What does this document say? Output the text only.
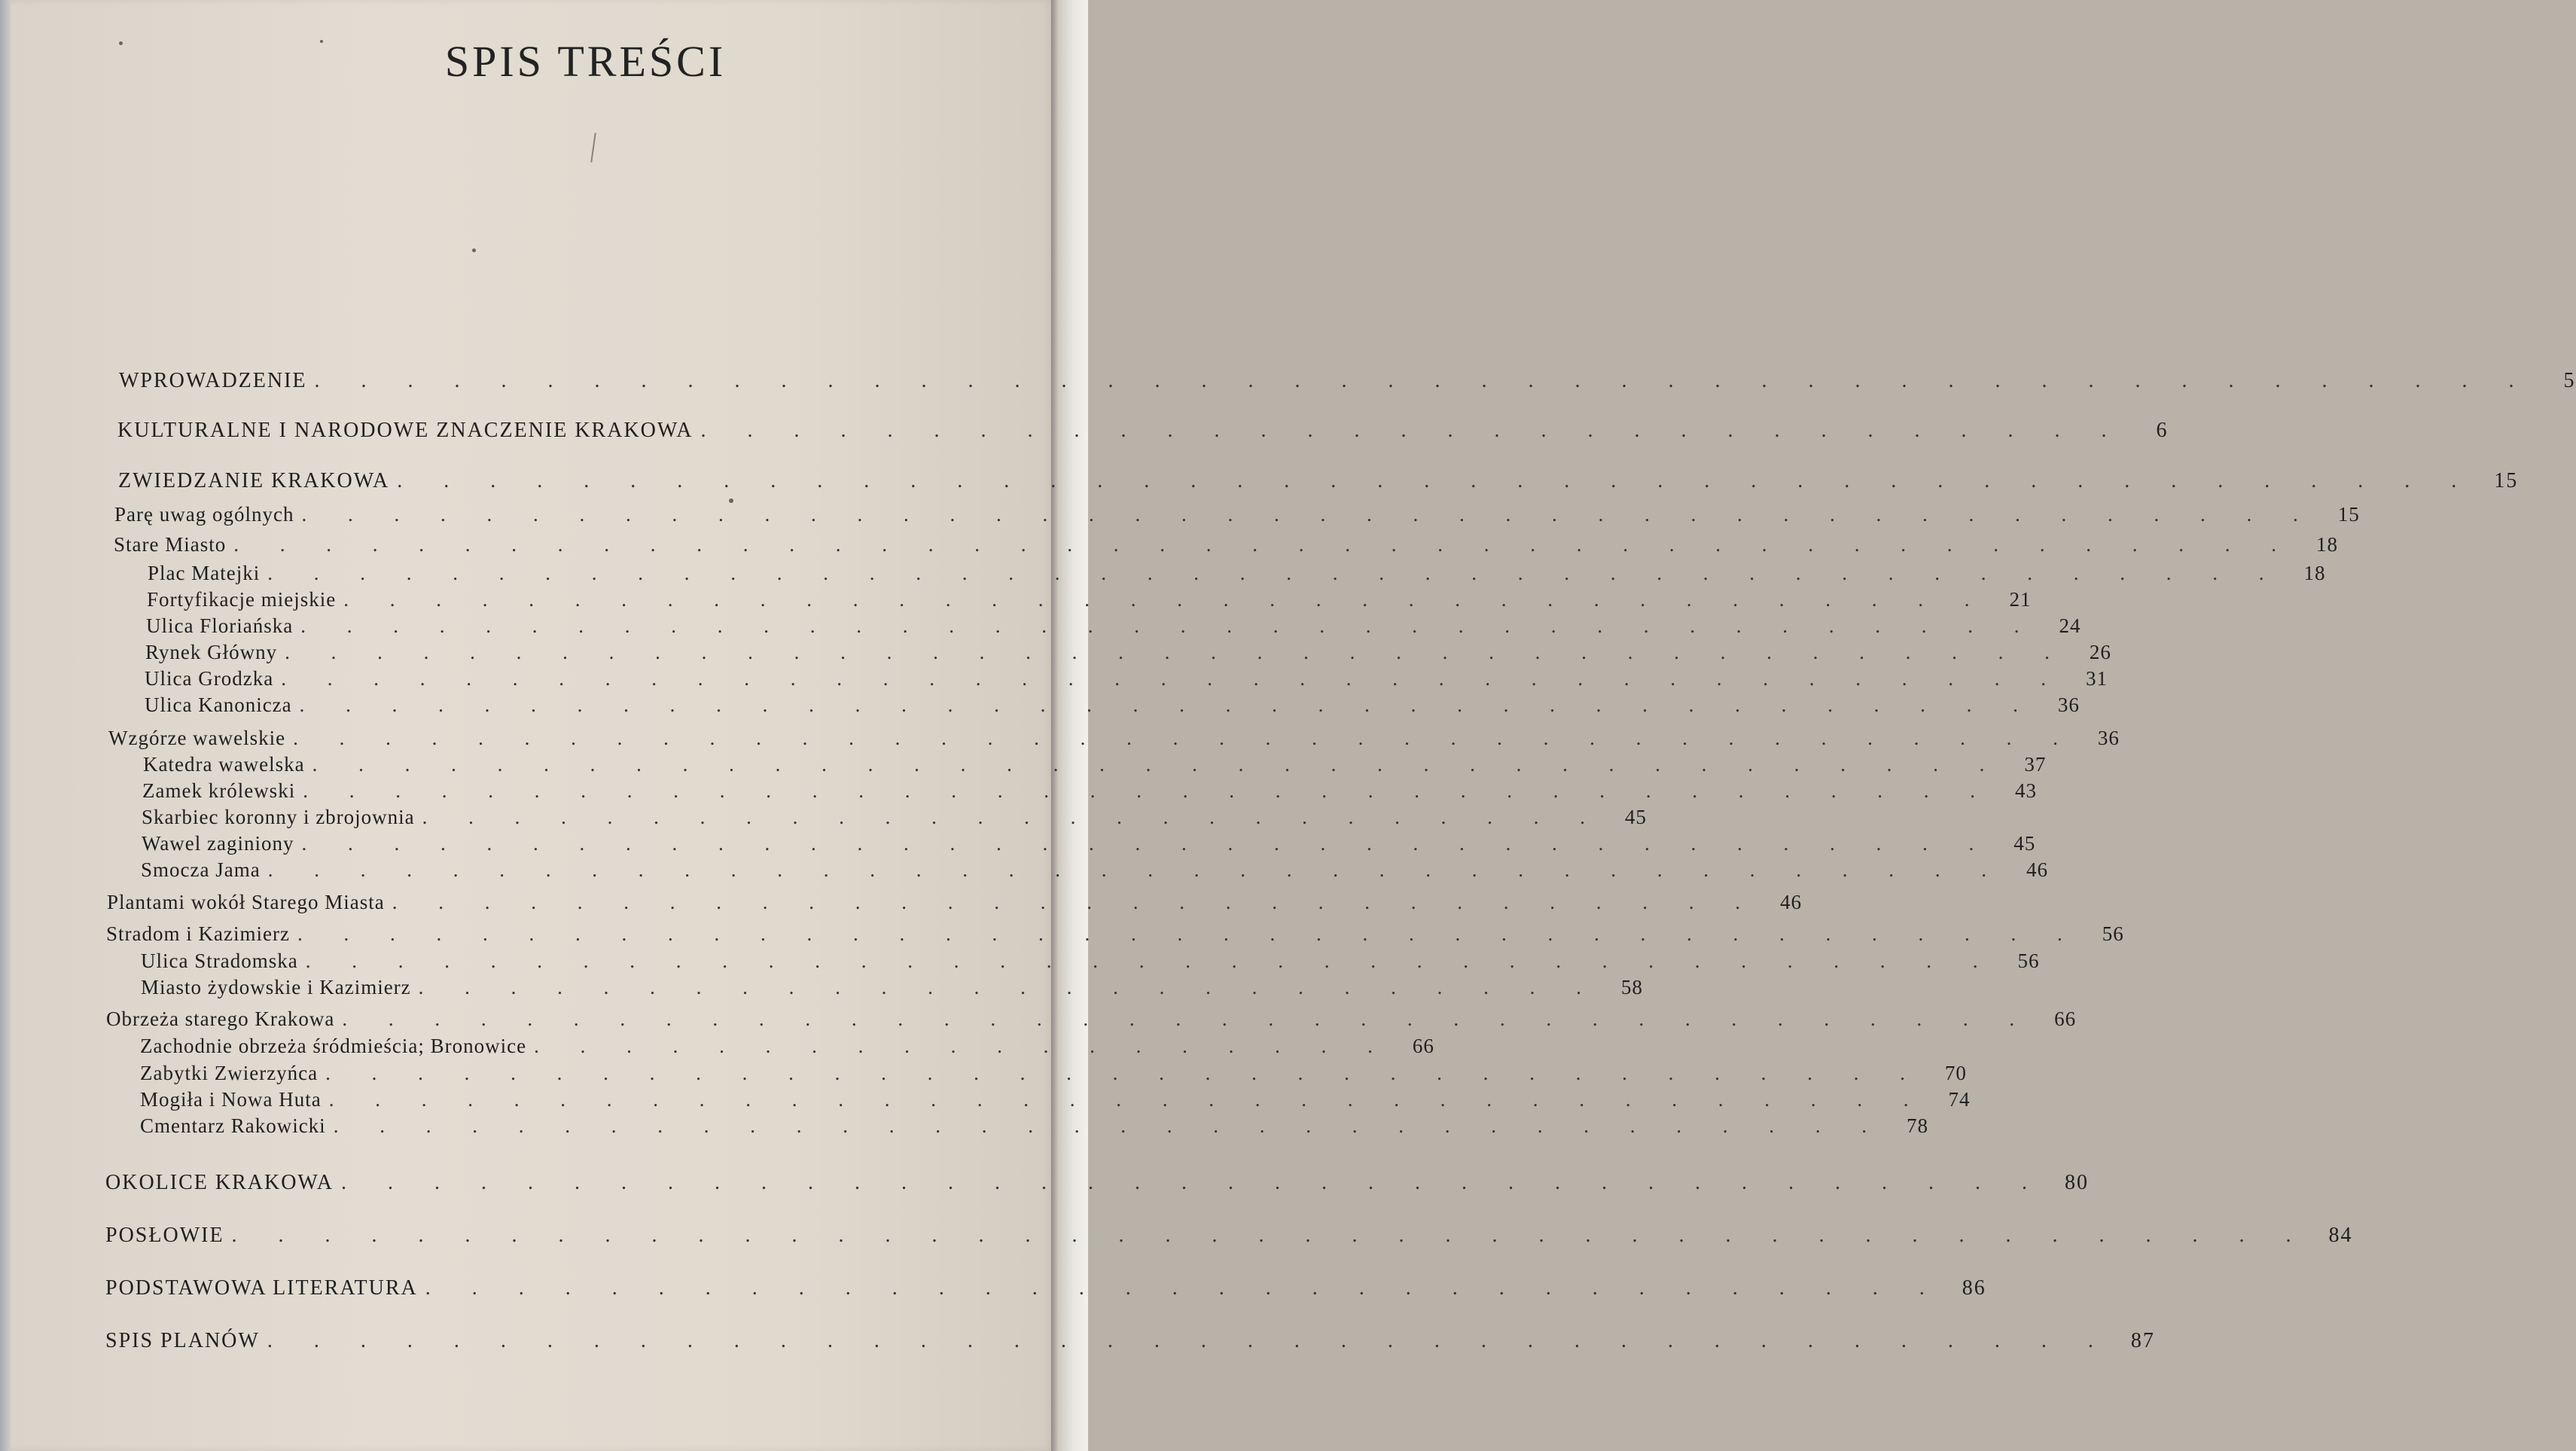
SPIS TREŚCI
WPROWADZENIE . . . . . . . . . . . . . . . . . . . . . . . . . . . . . . . . . . . . . . . . . . . . . . . .	5
KULTURALNE I NARODOWE ZNACZENIE KRAKOWA . . . . . . . . . . . . . . . . . . . . . . . . . . . . . . .	6
ZWIEDZANIE KRAKOWA . . . . . . . . . . . . . . . . . . . . . . . . . . . . . . . . . . . . . . . . . . . . . 15
Parę uwag ogólnych . . . . . . . . . . . . . . . . . . . . . . . . . . . . . . . . . . . . . . . . . . . .	15
Stare Miasto . . . . . . . . . . . . . . . . . . . . . . . . . . . . . . . . . . . . . . . . . . . . .	18
Plac Matejki . . . . . . . . . . . . . . . . . . . . . . . . . . . . . . . . . . . . . . . . . . . .	18
Fortyfikacje miejskie . . . . . . . . . . . . . . . . . . . . . . . . . . . . . . . . . . . .	21
Ulica Floriańska . . . . . . . . . . . . . . . . . . . . . . . . . . . . . . . . . . . . . .	24
Rynek Główny . . . . . . . . . . . . . . . . . . . . . . . . . . . . . . . . . . . . . . .	26
Ulica Grodzka . . . . . . . . . . . . . . . . . . . . . . . . . . . . . . . . . . . . . . .	31
Ulica Kanonicza . . . . . . . . . . . . . . . . . . . . . . . . . . . . . . . . . . . . . .	36
Wzgórze wawelskie . . . . . . . . . . . . . . . . . . . . . . . . . . . . . . . . . . . . . . .	36
Katedra wawelska . . . . . . . . . . . . . . . . . . . . . . . . . . . . . . . . . . . . .	37
Zamek królewski . . . . . . . . . . . . . . . . . . . . . . . . . . . . . . . . . . . . .	43
Skarbiec koronny i zbrojownia . . . . . . . . . . . . . . . . . . . . . . . . . .	45
Wawel zaginiony . . . . . . . . . . . . . . . . . . . . . . . . . . . . . . . . . . . . .	45
Smocza Jama . . . . . . . . . . . . . . . . . . . . . . . . . . . . . . . . . . . . . .	46
Plantami wokół Starego Miasta . . . . . . . . . . . . . . . . . . . . . . . . . . . . . .	46
Stradom i Kazimierz . . . . . . . . . . . . . . . . . . . . . . . . . . . . . . . . . . . . . . .	56
Ulica Stradomska . . . . . . . . . . . . . . . . . . . . . . . . . . . . . . . . . . . . .	56
Miasto żydowskie i Kazimierz . . . . . . . . . . . . . . . . . . . . . . . . . .	58
Obrzeża starego Krakowa . . . . . . . . . . . . . . . . . . . . . . . . . . . . . . . . . . . . .	66
Zachodnie obrzeża śródmieścia; Bronowice . . . . . . . . . . . . . . . . . . .	66
Zabytki Zwierzyńca . . . . . . . . . . . . . . . . . . . . . . . . . . . . . . . . . . .	70
Mogiła i Nowa Huta . . . . . . . . . . . . . . . . . . . . . . . . . . . . . . . . . . .	74
Cmentarz Rakowicki . . . . . . . . . . . . . . . . . . . . . . . . . . . . . . . . . .	78
OKOLICE KRAKOWA . . . . . . . . . . . . . . . . . . . . . . . . . . . . . . . . . . . . . 80
POSŁOWIE . . . . . . . . . . . . . . . . . . . . . . . . . . . . . . . . . . . . . . . . . . . . . 84
PODSTAWOWA LITERATURA . . . . . . . . . . . . . . . . . . . . . . . . . . . . . . . . . 86
SPIS PLANÓW . . . . . . . . . . . . . . . . . . . . . . . . . . . . . . . . . . . . . . . . 87
